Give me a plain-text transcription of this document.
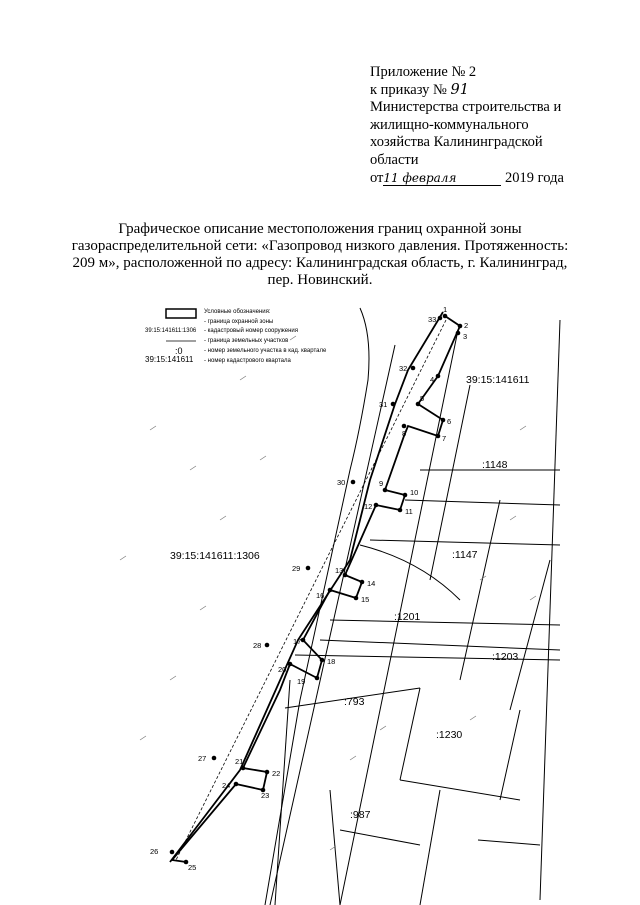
Приложение № 2
к приказу № 91
Министерства строительства и
жилищно-коммунального
хозяйства Калининградской
области
от11 февраля	2019 года
Графическое описание местоположения границ охранной зоны
газораспределительной сети: «Газопровод низкого давления. Протяженность:
209 м», расположенной по адресу: Калининградская область, г. Калининград,
пер. Новинский.
Условные обозначения:
- граница охранной зоны
39:15:141611:1306 - кадастровый номер сооружения
- граница земельных участков
:0	- номер земельного участка в кад. квартале
39:15:141611 - номер кадастрового квартала
39:15:141611
39:15:141611:1306
:1148
:1147
:1201
:1203
:793
:1230
:987
1
2
3
4
5
6
7
8
9
10
11
12
13
14
15
16
17
18
19
20
21
22
23
24
25
26
27
28
29
30
31
32
33
